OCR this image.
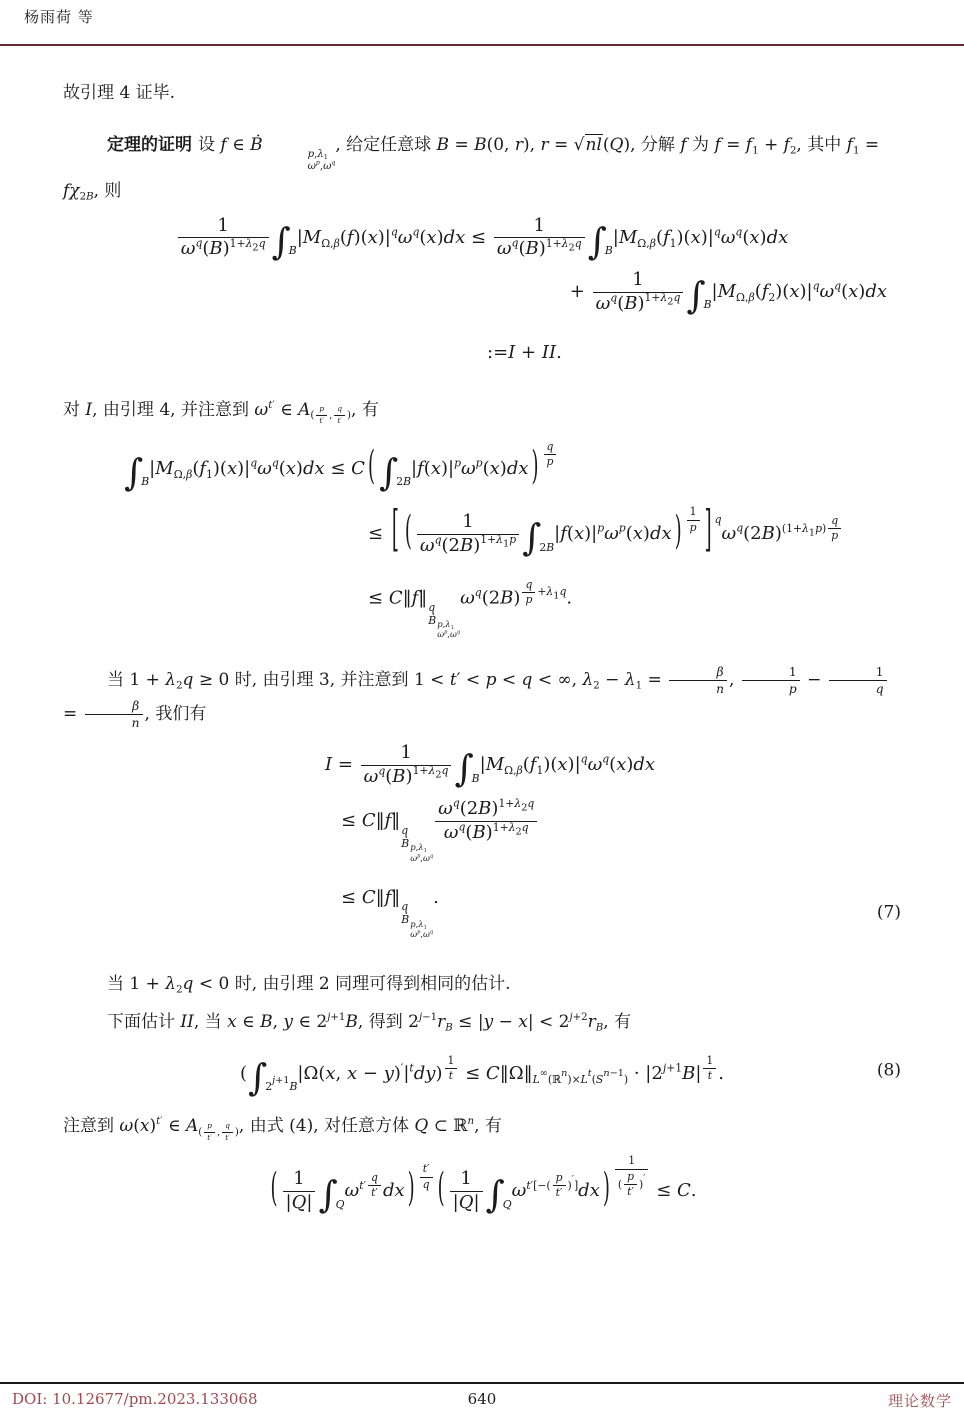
杨雨荷 等

故引理 4 证毕.

定理的证明 设 f ∈ Ḃ	$p,\lambda_1$
$\omega^p,\omega^q$
, 给定任意球 B = B(0, r), r = √nl(Q), 分解 f 为 $f = f_1 + f_2$, 其中 $f_1 = f\chi_{2B}$, 则

$\frac{1}{\omega^q(B)^{1+\lambda_2q}} \int_B|M_{\Omega,\beta}(f)(x)|^q\omega^q(x)dx \le \frac{1}{\omega^q(B)^{1+\lambda_2q}} \int_B|M_{\Omega,\beta}(f_1)(x)|^q\omega^q(x)dx$
+ $\frac{1}{\omega^q(B)^{1+\lambda_2q}} \int_B|M_{\Omega,\beta}(f_2)(x)|^q\omega^q(x)dx$
:=I + II.

对 I, 由引理 4, 并注意到 $\omega^{t'}$ ∈ $A_{( \frac{p}{t'} , \frac{q}{t'} )}$, 有

$\int_B|M_{\Omega,\beta}(f_1)(x)|^q\omega^q(x)dx \le C$ ( $\int_{2B}|f(x)|^p\omega^p(x)dx$ ) $^{\frac{q}{p}}$
≤ [ ( $\frac{1}{\omega^q(2B)^{1+\lambda_1p}} \int_{2B}|f(x)|^p\omega^p(x)dx$ ) $^{\frac{1}{p}}$ ] $^q\omega^q(2B)^{(1+\lambda_1p) \frac{q}{p}}$
≤ C‖f‖ q
Ḃ $p,\lambda_1$
$\omega^p,\omega^q$
$\omega^q(2B)$ $^{\frac{q}{p} +\lambda_1q}$.

当 $1 + \lambda_2q \ge 0$ 时, 由引理 3, 并注意到 1 < t′ < p < q < ∞, $\lambda_2 - \lambda_1 = \frac{\beta}{n}$ , $\frac{1}{p} - \frac{1}{q}$
= $\frac{\beta}{n}$ , 我们有

$I = \frac{1}{\omega^q(B)^{1+\lambda_2q}} \int_B|M_{\Omega,\beta}(f_1)(x)|^q\omega^q(x)dx$
≤ C‖f‖ q
Ḃ $p,\lambda_1$
$\omega^p,\omega^q$
$\frac{\omega^q(2B)^{1+\lambda_2q}}{\omega^q(B)^{1+\lambda_2q}}$
≤ C‖f‖ q
Ḃ $p,\lambda_1$
$\omega^p,\omega^q$
.
(7)

当 $1 + \lambda_2q < 0$ 时, 由引理 2 同理可得到相同的估计.

下面估计 II, 当 x ∈ B, y ∈ $2^{j+1}B$, 得到 $2^{j-1}r_B \le |y - x| < 2^{j+2}r_B$, 有

($\int_{2^{j+1}B}|\Omega(x$, $x - y)'|^tdy$) $^{\frac{1}{t}} \le C‖\Omega‖_{L^\infty(ℝ^n)\times L^t(S^{n-1})} \cdot |2^{j+1}B|$ $^{\frac{1}{t}}$ .	(8)

注意到 $\omega(x)^{t'}$ ∈ $A_{( \frac{p}{t'} , \frac{q}{t'} )}$, 由式 (4), 对任意方体 Q ⊂ ℝ$^n$, 有

( $\frac{1}{|Q|} \int_Q\omega^{t' \frac{q}{t'}}$ dx ) $^{\frac{t'}{q}}$ ( $\frac{1}{|Q|} \int_Q\omega^{t'[-( \frac{p}{t'} )']}dx$ ) $^{\frac{1}{( \frac{p}{t'} )'}}$ ≤ C.
DOI: 10.12677/pm.2023.133068	640	理论数学
